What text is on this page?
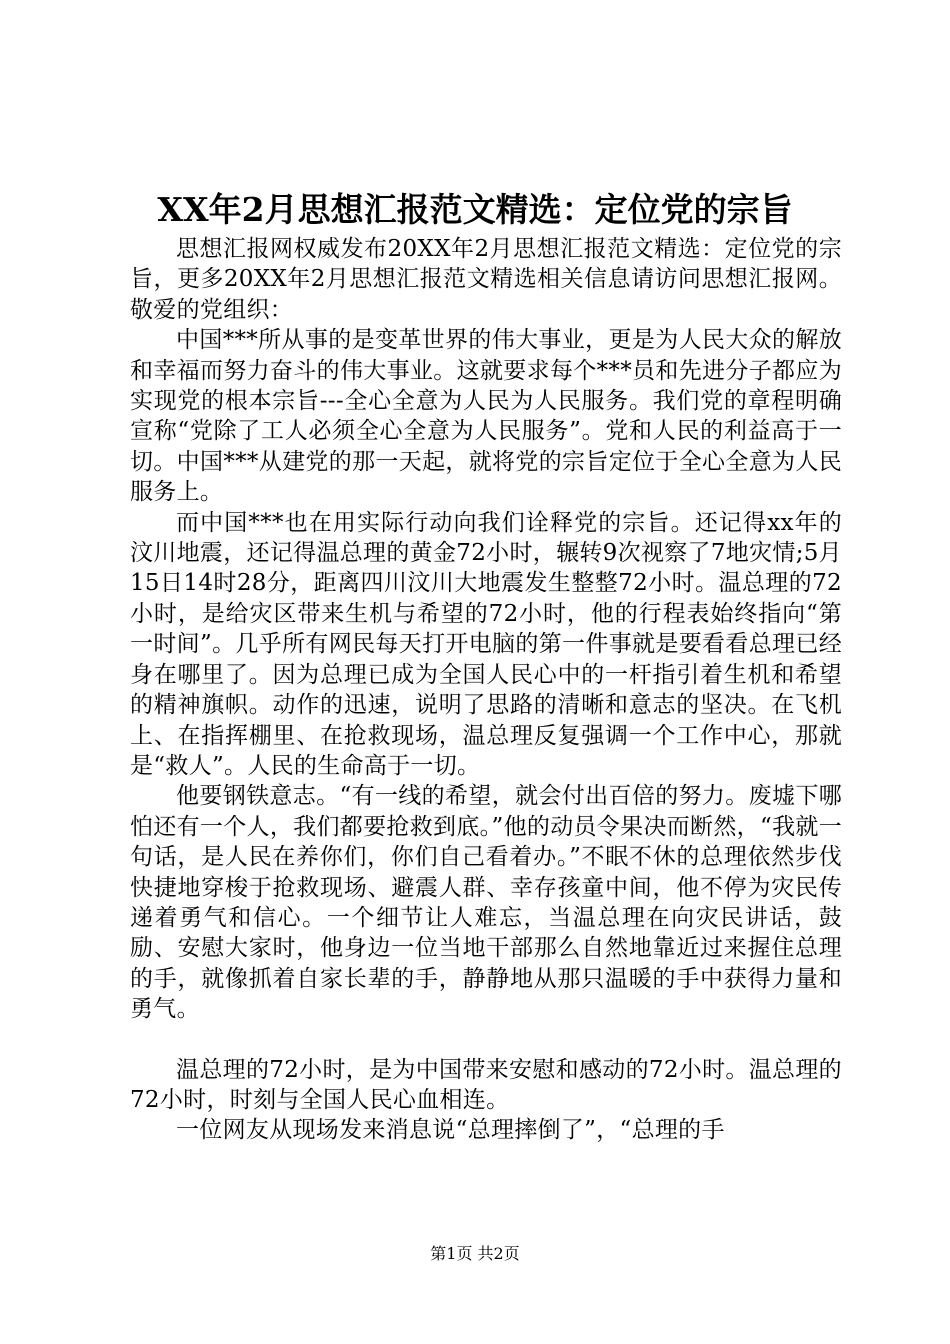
XX年2月思想汇报范文精选：定位党的宗旨

思想汇报网权威发布20XX年2月思想汇报范文精选：定位党的宗旨，更多20XX年2月思想汇报范文精选相关信息请访问思想汇报网。敬爱的党组织：

中国***所从事的是变革世界的伟大事业，更是为人民大众的解放和幸福而努力奋斗的伟大事业。这就要求每个***员和先进分子都应为实现党的根本宗旨---全心全意为人民为人民服务。我们党的章程明确宣称“党除了工人必须全心全意为人民服务”。党和人民的利益高于一切。中国***从建党的那一天起，就将党的宗旨定位于全心全意为人民服务上。

而中国***也在用实际行动向我们诠释党的宗旨。还记得xx年的汶川地震，还记得温总理的黄金72小时，辗转9次视察了7地灾情;5月15日14时28分，距离四川汶川大地震发生整整72小时。温总理的72小时，是给灾区带来生机与希望的72小时，他的行程表始终指向“第一时间”。几乎所有网民每天打开电脑的第一件事就是要看看总理已经身在哪里了。因为总理已成为全国人民心中的一杆指引着生机和希望的精神旗帜。动作的迅速，说明了思路的清晰和意志的坚决。在飞机上、在指挥棚里、在抢救现场，温总理反复强调一个工作中心，那就是“救人”。人民的生命高于一切。

他要钢铁意志。“有一线的希望，就会付出百倍的努力。废墟下哪怕还有一个人，我们都要抢救到底。”他的动员令果决而断然，“我就一句话，是人民在养你们，你们自己看着办。”不眠不休的总理依然步伐快捷地穿梭于抢救现场、避震人群、幸存孩童中间，他不停为灾民传递着勇气和信心。一个细节让人难忘，当温总理在向灾民讲话，鼓励、安慰大家时，他身边一位当地干部那么自然地靠近过来握住总理的手，就像抓着自家长辈的手，静静地从那只温暖的手中获得力量和勇气。

温总理的72小时，是为中国带来安慰和感动的72小时。温总理的72小时，时刻与全国人民心血相连。

一位网友从现场发来消息说“总理摔倒了”，“总理的手

第1页 共2页
